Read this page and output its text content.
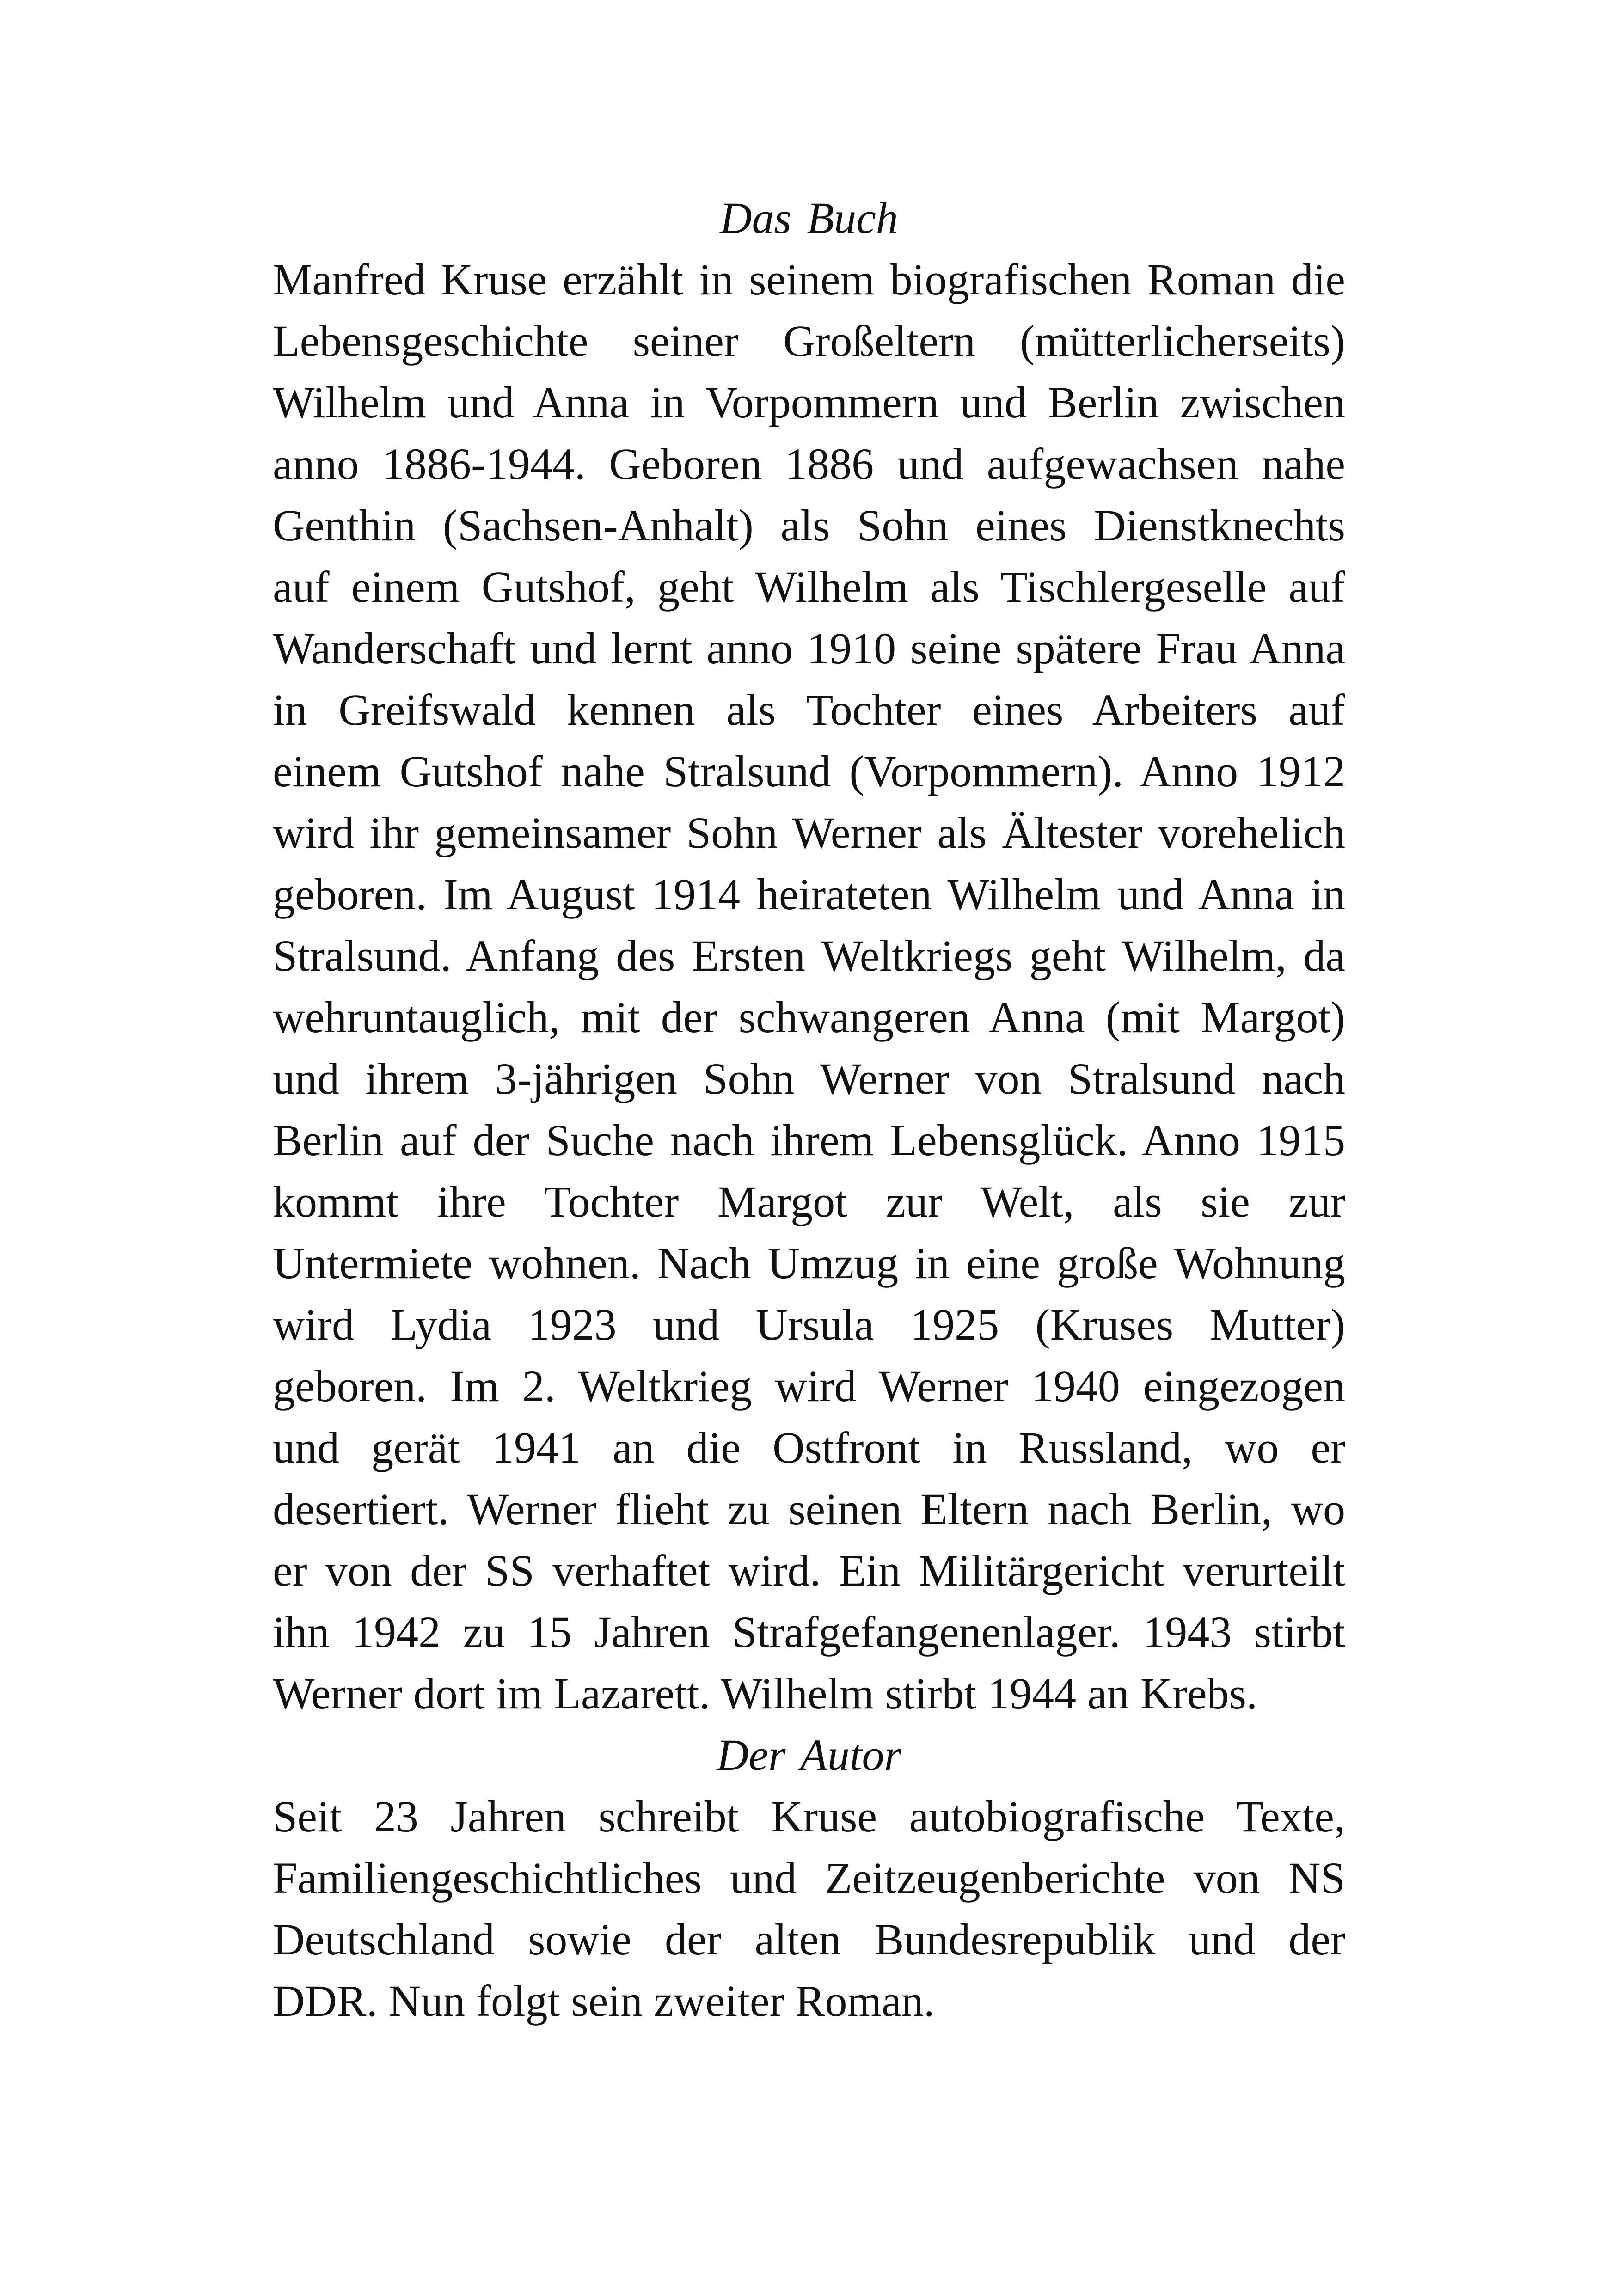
Das Buch
Manfred Kruse erzählt in seinem biografischen Roman die
Lebensgeschichte seiner Großeltern (mütterlicherseits)
Wilhelm und Anna in Vorpommern und Berlin zwischen
anno 1886-1944. Geboren 1886 und aufgewachsen nahe
Genthin (Sachsen-Anhalt) als Sohn eines Dienstknechts
auf einem Gutshof, geht Wilhelm als Tischlergeselle auf
Wanderschaft und lernt anno 1910 seine spätere Frau Anna
in Greifswald kennen als Tochter eines Arbeiters auf
einem Gutshof nahe Stralsund (Vorpommern). Anno 1912
wird ihr gemeinsamer Sohn Werner als Ältester vorehelich
geboren. Im August 1914 heirateten Wilhelm und Anna in
Stralsund. Anfang des Ersten Weltkriegs geht Wilhelm, da
wehruntauglich, mit der schwangeren Anna (mit Margot)
und ihrem 3-jährigen Sohn Werner von Stralsund nach
Berlin auf der Suche nach ihrem Lebensglück. Anno 1915
kommt ihre Tochter Margot zur Welt, als sie zur
Untermiete wohnen. Nach Umzug in eine große Wohnung
wird Lydia 1923 und Ursula 1925 (Kruses Mutter)
geboren. Im 2. Weltkrieg wird Werner 1940 eingezogen
und gerät 1941 an die Ostfront in Russland, wo er
desertiert. Werner flieht zu seinen Eltern nach Berlin, wo
er von der SS verhaftet wird. Ein Militärgericht verurteilt
ihn 1942 zu 15 Jahren Strafgefangenenlager. 1943 stirbt
Werner dort im Lazarett. Wilhelm stirbt 1944 an Krebs.
Der Autor
Seit 23 Jahren schreibt Kruse autobiografische Texte,
Familiengeschichtliches und Zeitzeugenberichte von NS
Deutschland sowie der alten Bundesrepublik und der
DDR. Nun folgt sein zweiter Roman.
